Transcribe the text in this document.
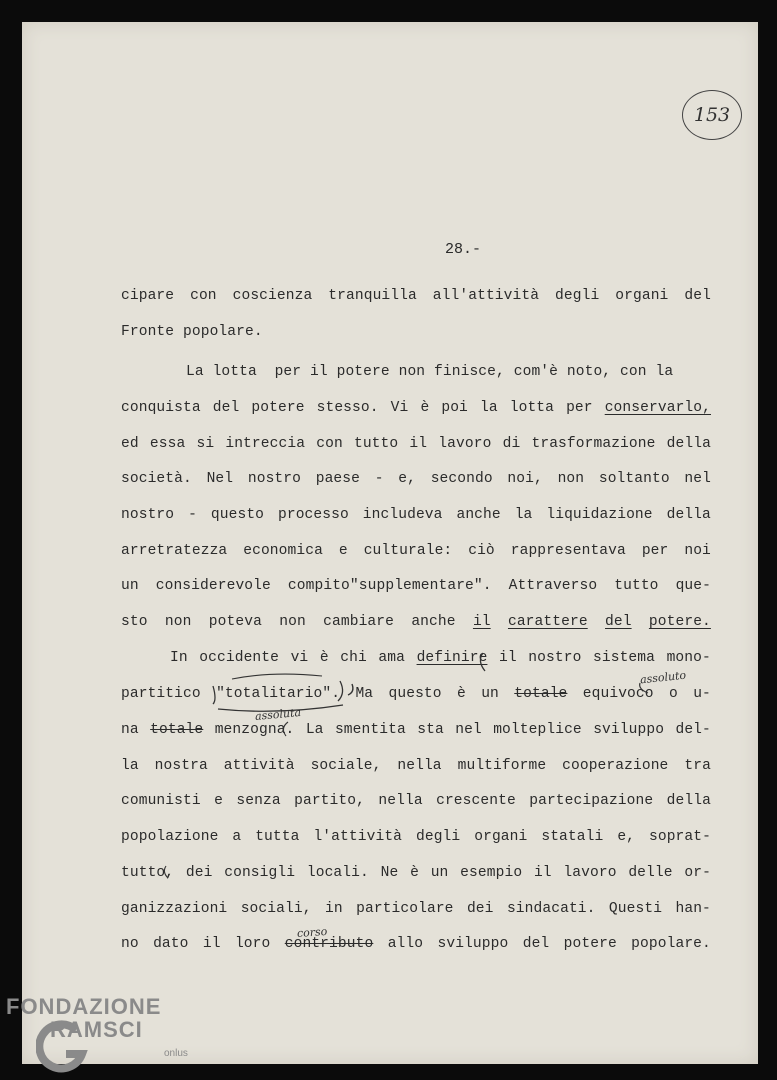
153
28.-
cipare con coscienza tranquilla all'attività degli organi del
Fronte popolare.
La lotta  per il potere non finisce, com'è noto, con la
conquista del potere stesso. Vi è poi la lotta per conservarlo,
ed essa si intreccia con tutto il lavoro di trasformazione della
società. Nel nostro paese - e, secondo noi, non soltanto nel
nostro - questo processo includeva anche la liquidazione della
arretratezza economica e culturale: ciò rappresentava per noi
un considerevole compito"supplementare". Attraverso tutto que-
sto non poteva non cambiare anche il carattere del potere.
In occidente vi è chi ama definire il nostro sistema mono-
partitico "totalitario". Ma questo è un totale equivoco o u-
na totale menzogna. La smentita sta nel molteplice sviluppo del-
la nostra attività sociale, nella multiforme cooperazione tra
comunisti e senza partito, nella crescente partecipazione della
popolazione a tutta l'attività degli organi statali e, soprat-
tutto, dei consigli locali. Ne è un esempio il lavoro delle or-
ganizzazioni sociali, in particolare dei sindacati. Questi han-
no dato il loro contributo allo sviluppo del potere popolare.
assoluto
assoluta
corso
FONDAZIONE
RAMSCI
onlus
